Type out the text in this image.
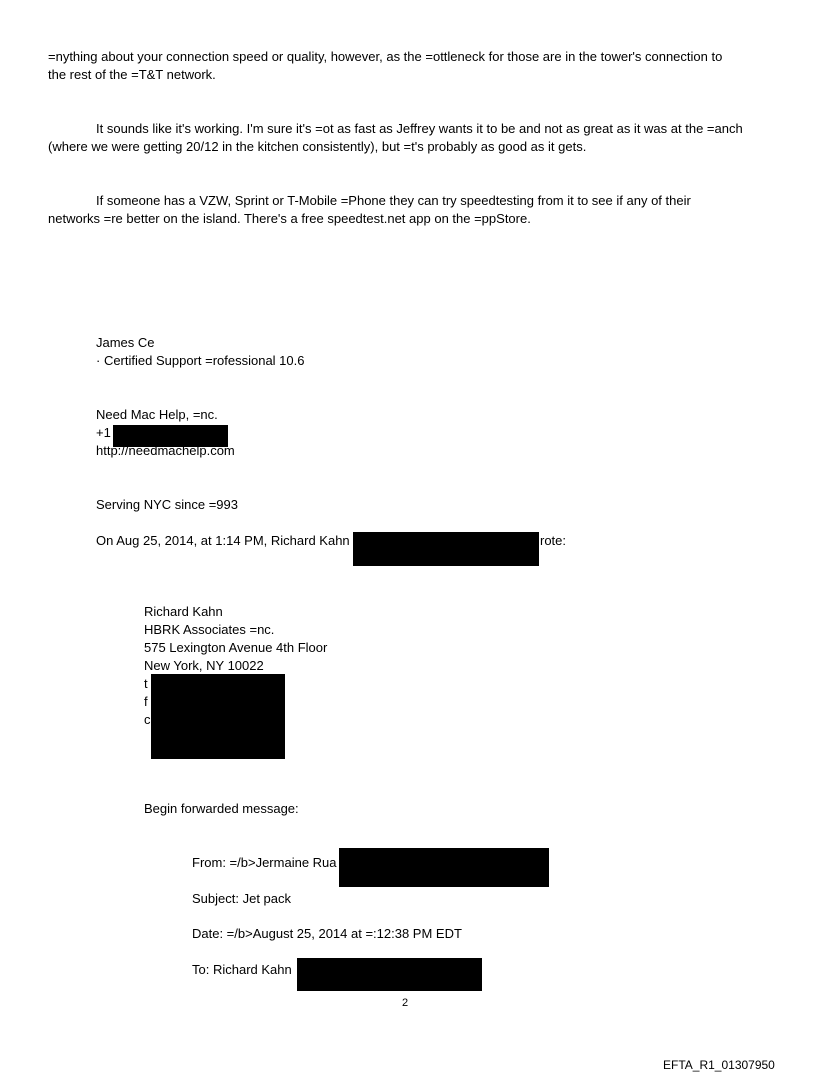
=nything about your connection speed or quality, however, as the =ottleneck for those are in the tower's connection to
the rest of the =T&T network.
It sounds like it's working. I'm sure it's =ot as fast as Jeffrey wants it to be and not as great as it was at the =anch
(where we were getting 20/12 in the kitchen consistently), but =t's probably as good as it gets.
If someone has a VZW, Sprint or T-Mobile =Phone they can try speedtesting from it to see if any of their
networks =re better on the island. There's a free speedtest.net app on the =ppStore.
James Ce
· Certified Support =rofessional 10.6
Need Mac Help, =nc.
+1
http://needmachelp.com
Serving NYC since =993
On Aug 25, 2014, at 1:14 PM, Richard Kahn	rote:
Richard Kahn
HBRK Associates =nc.
575 Lexington Avenue 4th Floor
New York, NY 10022
t
f
c
Begin forwarded message:
From: =/b>Jermaine Rua
Subject: Jet pack
Date: =/b>August 25, 2014 at =:12:38 PM EDT
To: Richard Kahn
2
EFTA_R1_01307950
